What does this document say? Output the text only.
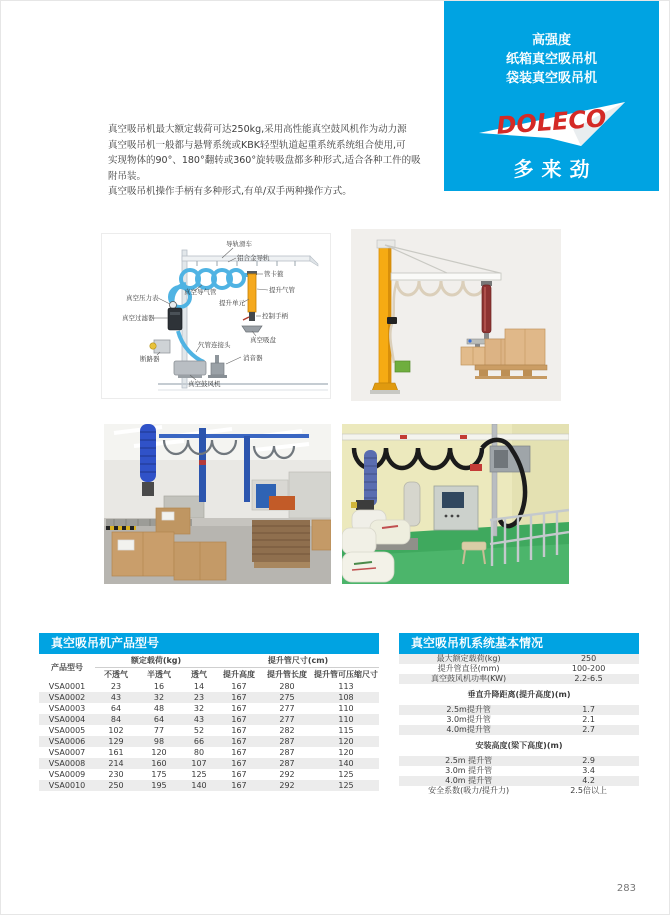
高强度
纸箱真空吸吊机
袋装真空吸吊机
DOLECO
多来劲
真空吸吊机最大额定载荷可达250kg,采用高性能真空鼓风机作为动力源
真空吸吊机一般都与悬臂系统或KBK轻型轨道起重系统系统组合使用,可
实现物体的90°、180°翻转或360°旋转吸盘都多种形式,适合各种工件的吸
附吊装。
真空吸吊机操作手柄有多种形式,有单/双手两种操作方式。
导轨滑车
铝合金导轨
管卡箍
提升气管
提升单元
控制手柄
真空吸盘
真空导气管
真空压力表
真空过滤器
断路器
气管连接头
消音器
真空鼓风机
真空吸吊机产品型号
产品型号	额定载荷(kg)			提升管尺寸(cm)		
	不透气	半透气	透气	提升高度	提升管长度	提升管可压缩尺寸
VSA0001	23	16	14	167	280	113
VSA0002	43	32	23	167	275	108
VSA0003	64	48	32	167	277	110
VSA0004	84	64	43	167	277	110
VSA0005	102	77	52	167	282	115
VSA0006	129	98	66	167	287	120
VSA0007	161	120	80	167	287	120
VSA0008	214	160	107	167	287	140
VSA0009	230	175	125	167	292	125
VSA0010	250	195	140	167	292	125
真空吸吊机系统基本情况
最大额定载荷(kg)	250
提升管直径(mm)	100-200
真空鼓风机功率(KW)	2.2-6.5
垂直升降距离(提升高度)(m)
2.5m提升管	1.7
3.0m提升管	2.1
4.0m提升管	2.7
安装高度(梁下高度)(m)
2.5m 提升管	2.9
3.0m 提升管	3.4
4.0m 提升管	4.2
安全系数(吸力/提升力)	2.5倍以上
283
